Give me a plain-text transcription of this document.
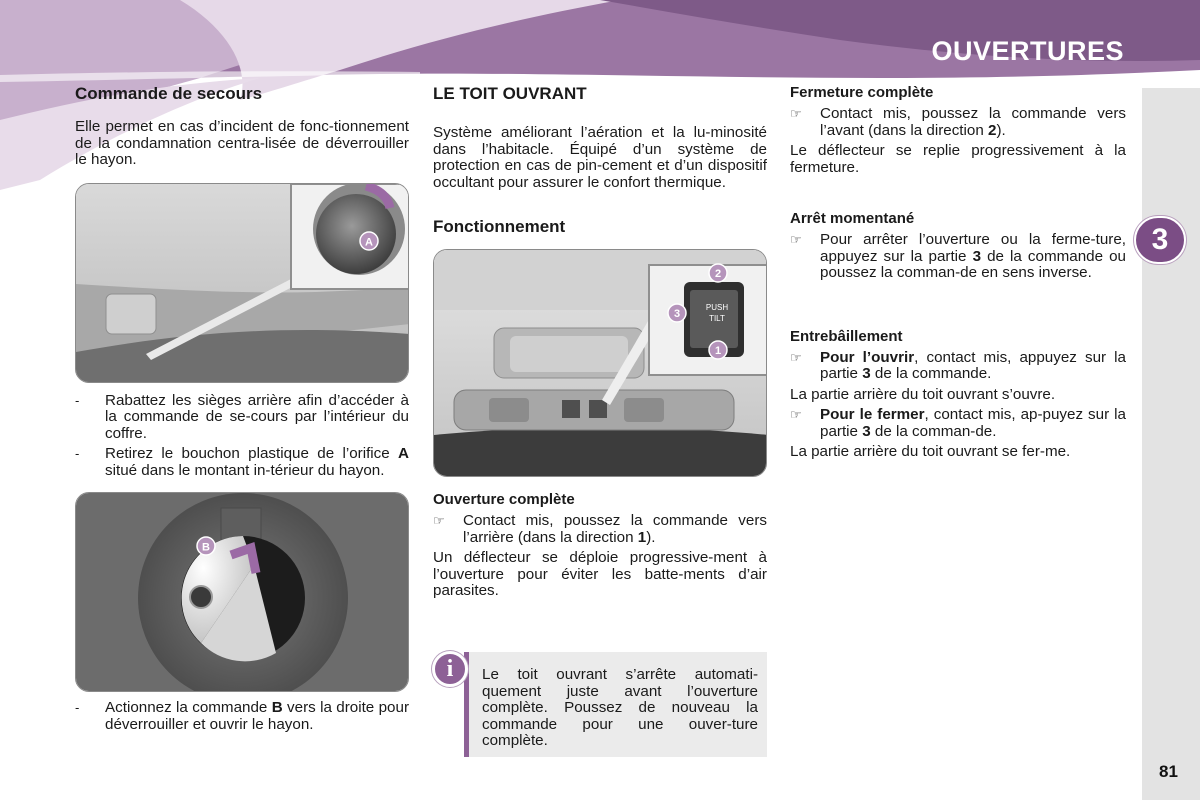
OUVERTURES
3
81
Commande de secours

Elle permet en cas d’incident de fonc-tionnement de la condamnation centra-lisée de déverrouiller le hayon.

A
-	Rabattez les sièges arrière afin d’accéder à la commande de se-cours par l’intérieur du coffre.
-	Retirez le bouchon plastique de l’orifice A situé dans le montant in-térieur du hayon.
B
-	Actionnez la commande B vers la droite pour déverrouiller et ouvrir le hayon.
LE TOIT OUVRANT

Système améliorant l’aération et la lu-minosité dans l’habitacle. Équipé d’un système de protection en cas de pin-cement et d’un dispositif occultant pour assurer le confort thermique.

Fonctionnement
PUSH
TILT
2
3
1
Ouverture complète
☞	Contact mis, poussez la commande vers l’arrière (dans la direction 1).

Un déflecteur se déploie progressive-ment à l’ouverture pour éviter les batte-ments d’air parasites.

i	Le toit ouvrant s’arrête automati-quement juste avant l’ouverture complète. Poussez de nouveau la commande pour une ouver-ture complète.
Fermeture complète
☞	Contact mis, poussez la commande vers l’avant (dans la direction 2).

Le déflecteur se replie progressivement à la fermeture.

Arrêt momentané
☞	Pour arrêter l’ouverture ou la ferme-ture, appuyez sur la partie 3 de la commande ou poussez la comman-de en sens inverse.
Entrebâillement
☞	Pour l’ouvrir, contact mis, appuyez sur la partie 3 de la commande.

La partie arrière du toit ouvrant s’ouvre.

☞	Pour le fermer, contact mis, ap-puyez sur la partie 3 de la comman-de.

La partie arrière du toit ouvrant se fer-me.
